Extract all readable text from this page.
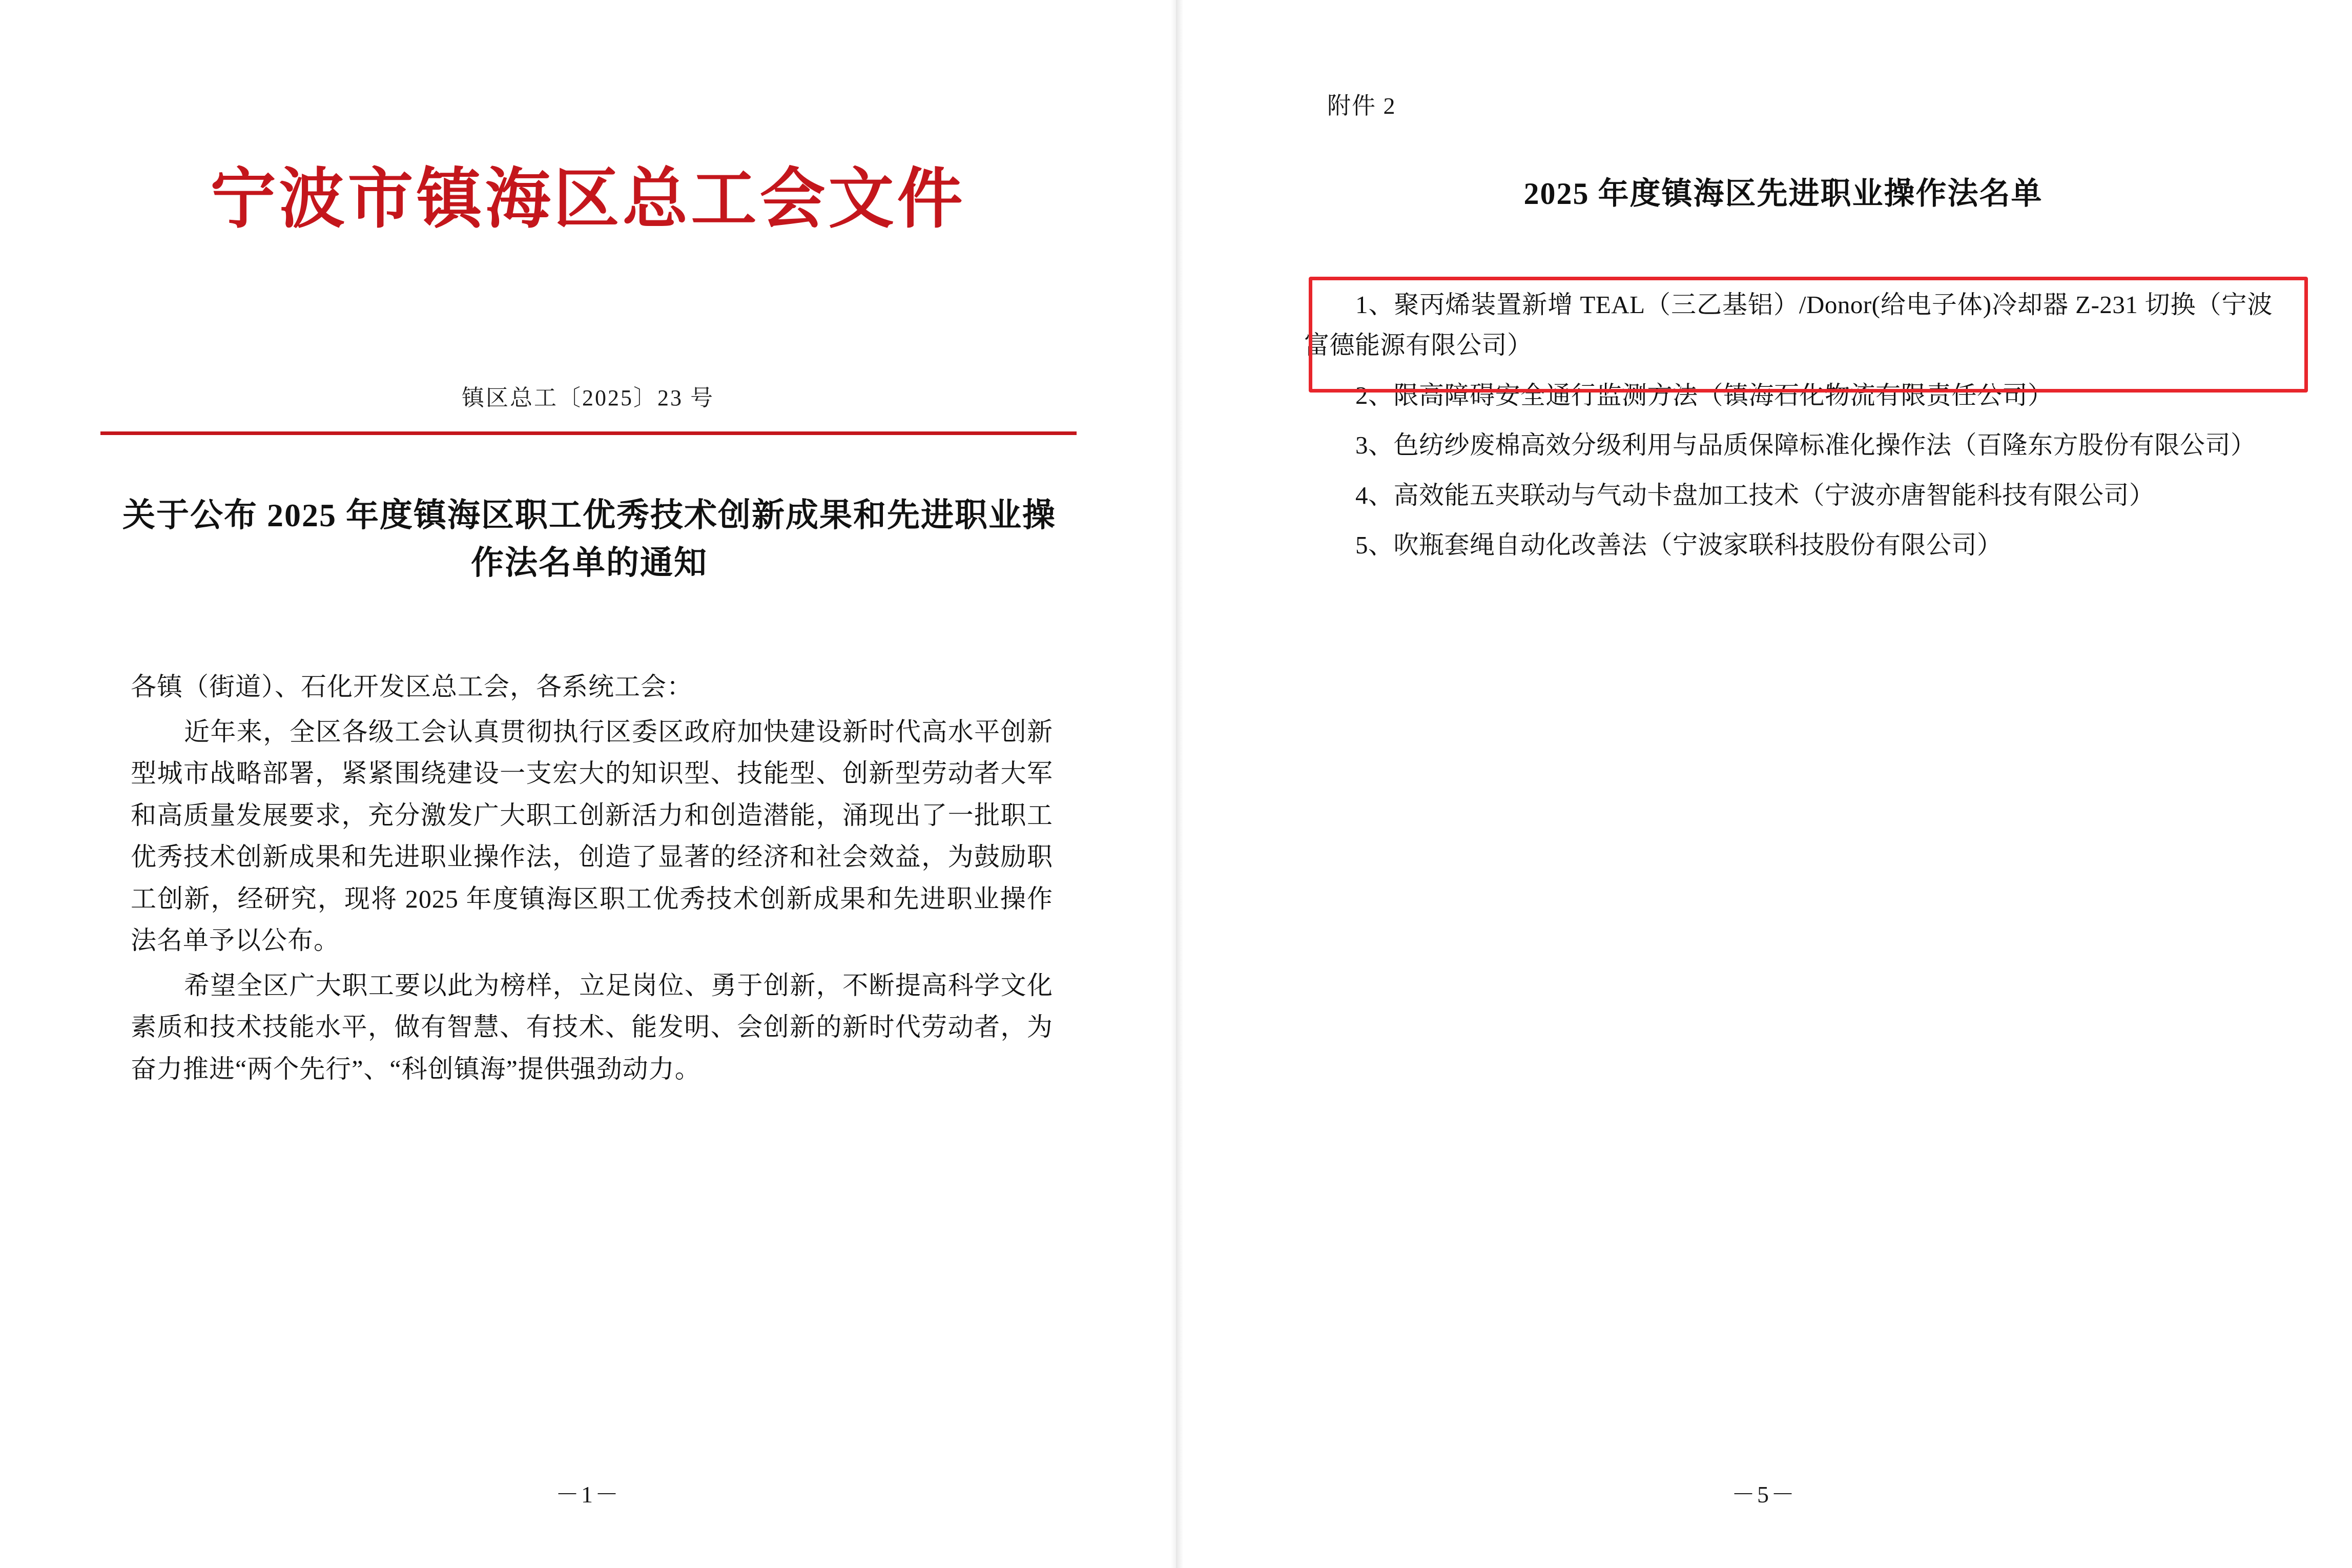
宁波市镇海区总工会文件
镇区总工〔2025〕23 号
关于公布 2025 年度镇海区职工优秀技术创新成果和先进职业操作法名单的通知

各镇（街道）、石化开发区总工会，各系统工会：

近年来，全区各级工会认真贯彻执行区委区政府加快建设新时代高水平创新型城市战略部署，紧紧围绕建设一支宏大的知识型、技能型、创新型劳动者大军和高质量发展要求，充分激发广大职工创新活力和创造潜能，涌现出了一批职工优秀技术创新成果和先进职业操作法，创造了显著的经济和社会效益，为鼓励职工创新，经研究，现将 2025 年度镇海区职工优秀技术创新成果和先进职业操作法名单予以公布。

希望全区广大职工要以此为榜样，立足岗位、勇于创新，不断提高科学文化素质和技术技能水平，做有智慧、有技术、能发明、会创新的新时代劳动者，为奋力推进“两个先行”、“科创镇海”提供强劲动力。

－1－
附件 2
2025 年度镇海区先进职业操作法名单
1、聚丙烯装置新增 TEAL（三乙基铝）/Donor(给电子体)冷却器 Z-231 切换（宁波富德能源有限公司）
2、限高障碍安全通行监测方法（镇海石化物流有限责任公司）
3、色纺纱废棉高效分级利用与品质保障标准化操作法（百隆东方股份有限公司）
4、高效能五夹联动与气动卡盘加工技术（宁波亦唐智能科技有限公司）
5、吹瓶套绳自动化改善法（宁波家联科技股份有限公司）
－5－
